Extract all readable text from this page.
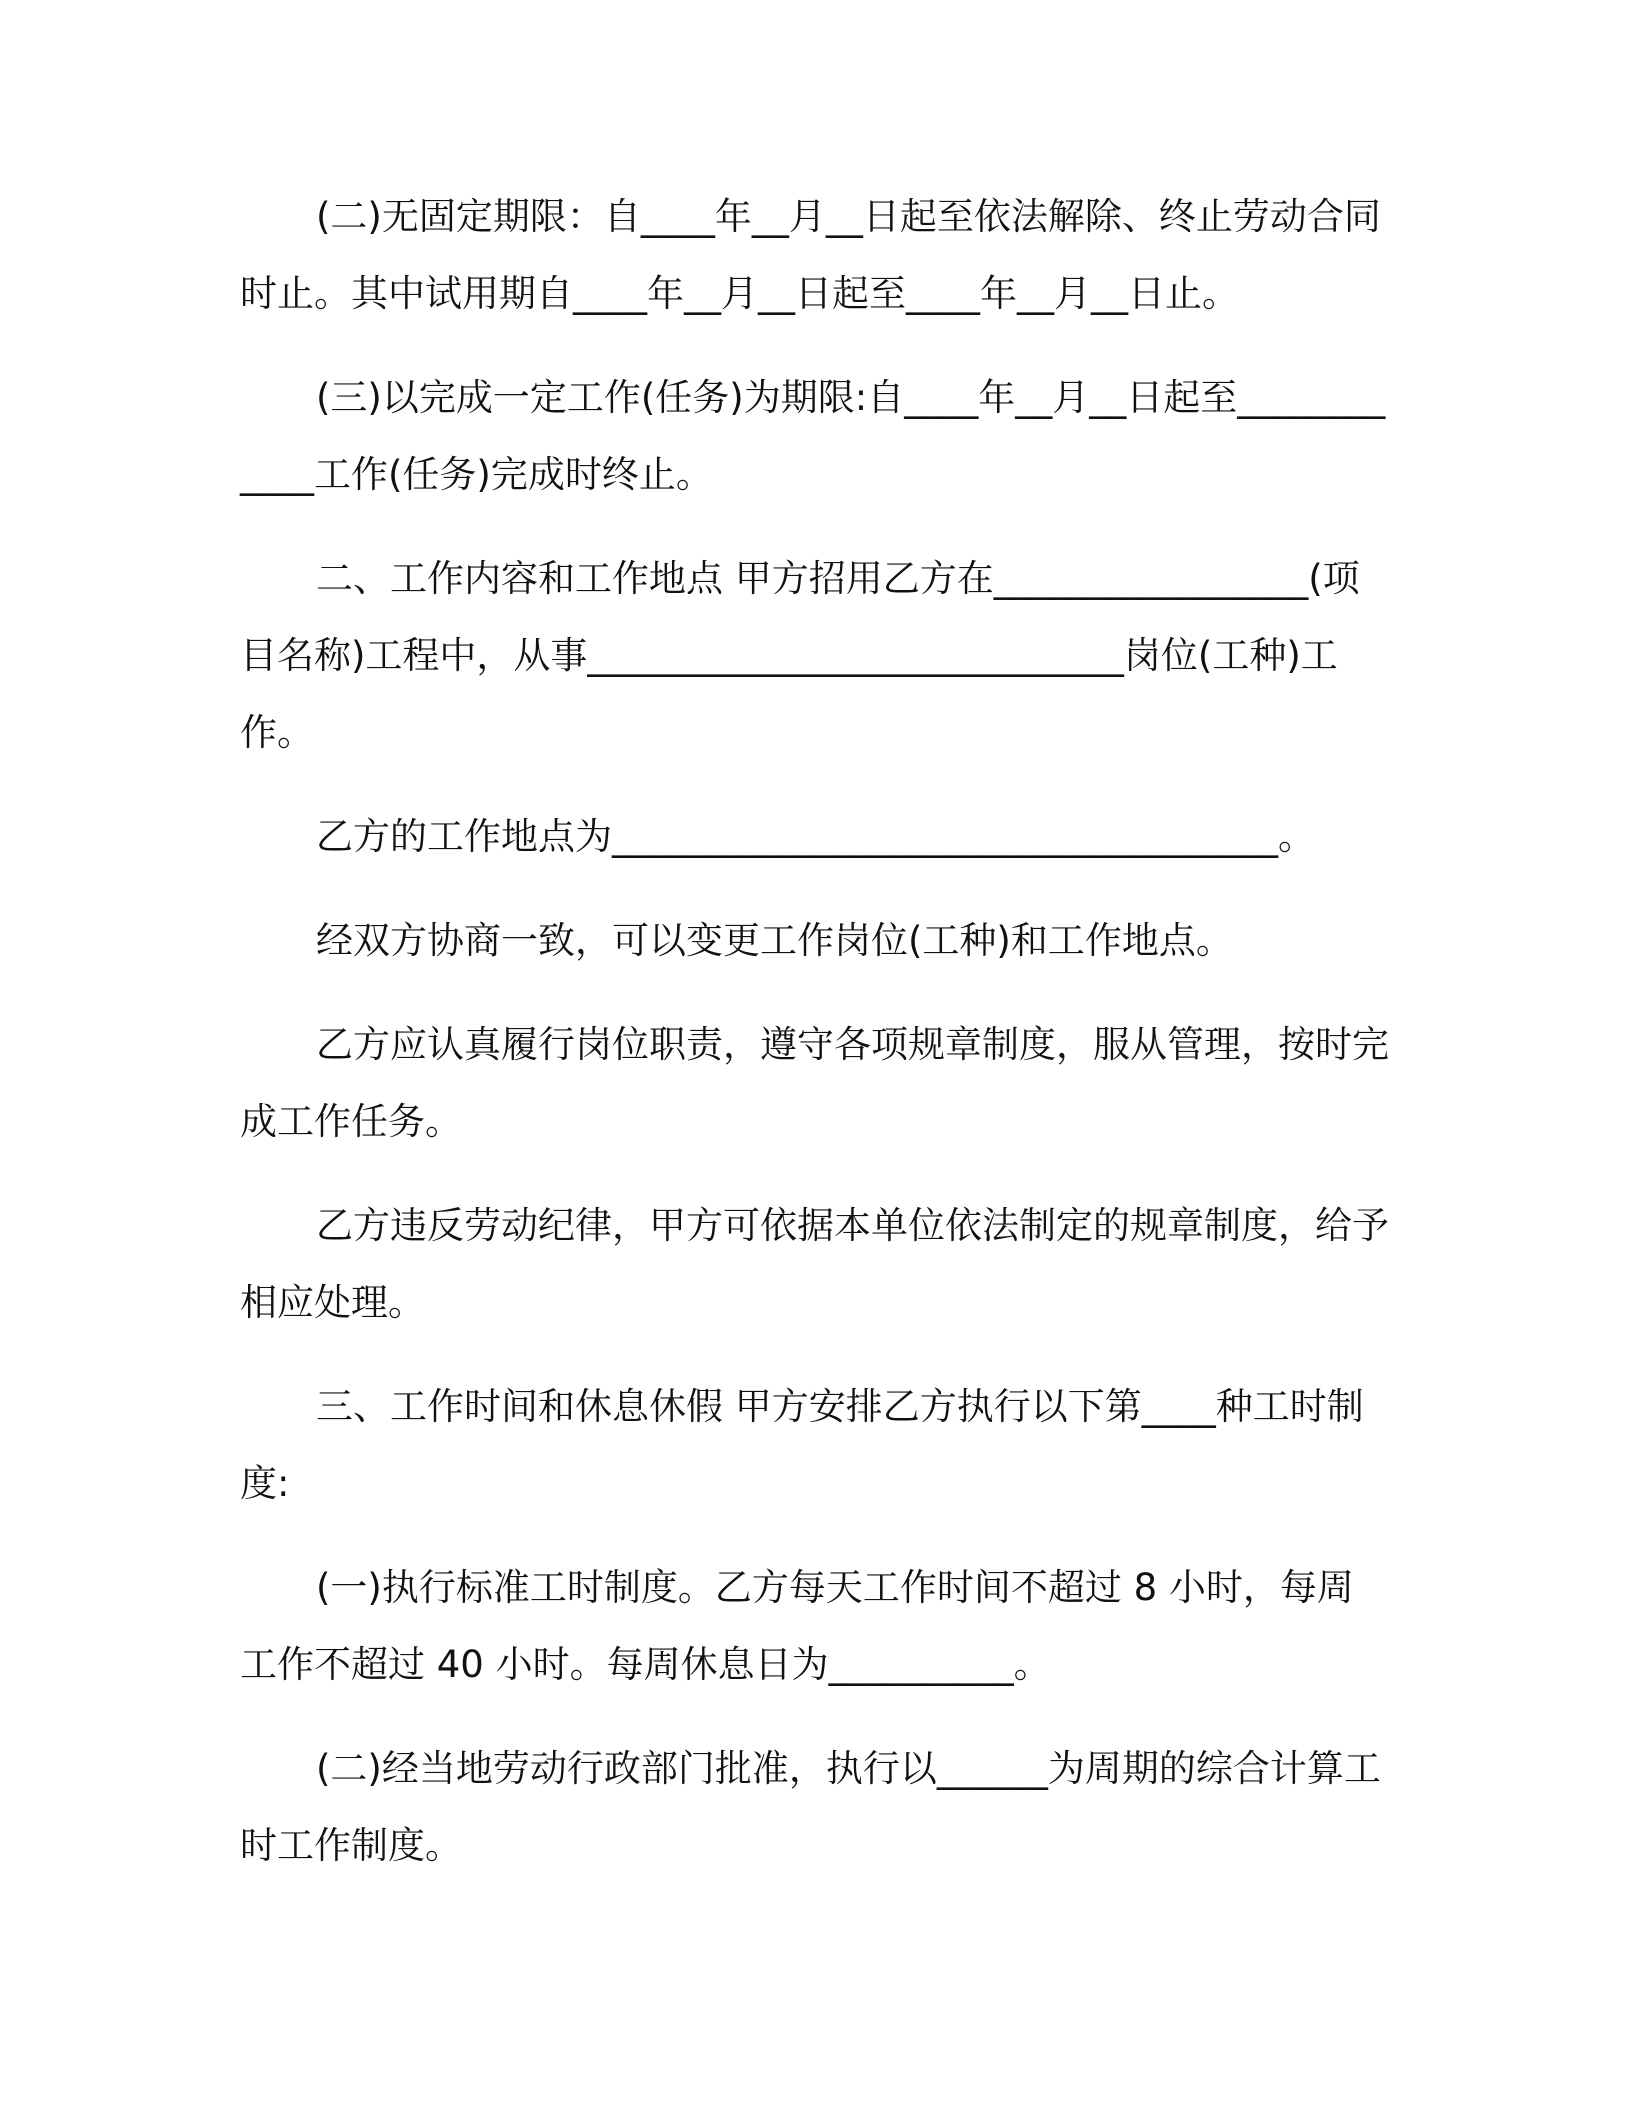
(二)无固定期限：自____年__月__日起至依法解除、终止劳动合同时止。其中试用期自____年__月__日起至____年__月__日止。

(三)以完成一定工作(任务)为期限:自____年__月__日起至____________工作(任务)完成时终止。

二、工作内容和工作地点 甲方招用乙方在_________________(项目名称)工程中，从事_____________________________岗位(工种)工作。

乙方的工作地点为____________________________________。

经双方协商一致，可以变更工作岗位(工种)和工作地点。

乙方应认真履行岗位职责，遵守各项规章制度，服从管理，按时完成工作任务。

乙方违反劳动纪律，甲方可依据本单位依法制定的规章制度，给予相应处理。

三、工作时间和休息休假 甲方安排乙方执行以下第____种工时制度:

(一)执行标准工时制度。乙方每天工作时间不超过 8 小时，每周工作不超过 40 小时。每周休息日为__________。

(二)经当地劳动行政部门批准，执行以______为周期的综合计算工时工作制度。
